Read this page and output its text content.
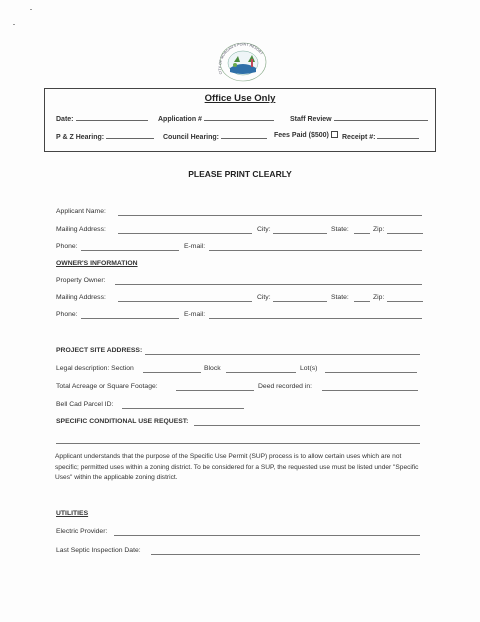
CITY OF MORGAN'S POINT RESORT
Office Use Only
Date:	Application #	Staff Review
P & Z Hearing:	Council Hearing:	Fees Paid ($500)	Receipt #:
PLEASE PRINT CLEARLY
Applicant Name:
Mailing Address:	City:	State:	Zip:
Phone:	E-mail:
OWNER'S INFORMATION
Property Owner:
Mailing Address:	City:	State:	Zip:
Phone:	E-mail:
PROJECT SITE ADDRESS:
Legal description: Section	Block	Lot(s)
Total Acreage or Square Footage:	Deed recorded in:
Bell Cad Parcel ID:
SPECIFIC CONDITIONAL USE REQUEST:
Applicant understands that the purpose of the Specific Use Permit (SUP) process is to allow certain uses which are not specific; permitted uses within a zoning district. To be considered for a SUP, the requested use must be listed under "Specific Uses" within the applicable zoning district.
UTILITIES
Electric Provider:
Last Septic Inspection Date:
